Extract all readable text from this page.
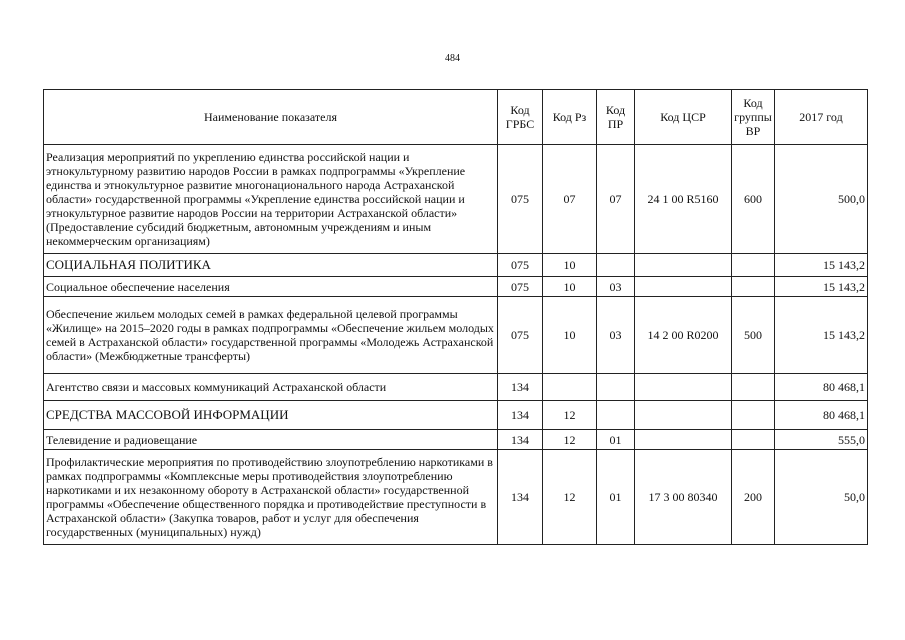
484
Наименование показателя	Код ГРБС	Код Рз	Код ПР	Код ЦСР	Код группы ВР	2017 год
Реализация мероприятий по укреплению единства российской нации и этнокультурному развитию народов России в рамках подпрограммы «Укрепление единства и этнокультурное развитие многонационального народа Астраханской области» государственной программы «Укрепление единства российской нации и этнокультурное развитие народов России на территории Астраханской области» (Предоставление субсидий бюджетным, автономным учреждениям и иным некоммерческим организациям)	075	07	07	24 1 00 R5160	600	500,0
СОЦИАЛЬНАЯ ПОЛИТИКА	075	10				15 143,2
Социальное обеспечение населения	075	10	03			15 143,2
Обеспечение жильем молодых семей в рамках федеральной целевой программы «Жилище» на 2015–2020 годы в рамках подпрограммы «Обеспечение жильем молодых семей в Астраханской области» государственной программы «Молодежь Астраханской области» (Межбюджетные трансферты)	075	10	03	14 2 00 R0200	500	15 143,2
Агентство связи и массовых коммуникаций Астраханской области	134					80 468,1
СРЕДСТВА МАССОВОЙ ИНФОРМАЦИИ	134	12				80 468,1
Телевидение и радиовещание	134	12	01			555,0
Профилактические мероприятия по противодействию злоупотреблению наркотиками в рамках подпрограммы «Комплексные меры противодействия злоупотреблению наркотиками и их незаконному обороту в Астраханской области» государственной программы «Обеспечение общественного порядка и противодействие преступности в Астраханской области» (Закупка товаров, работ и услуг для обеспечения государственных (муниципальных) нужд)	134	12	01	17 3 00 80340	200	50,0
